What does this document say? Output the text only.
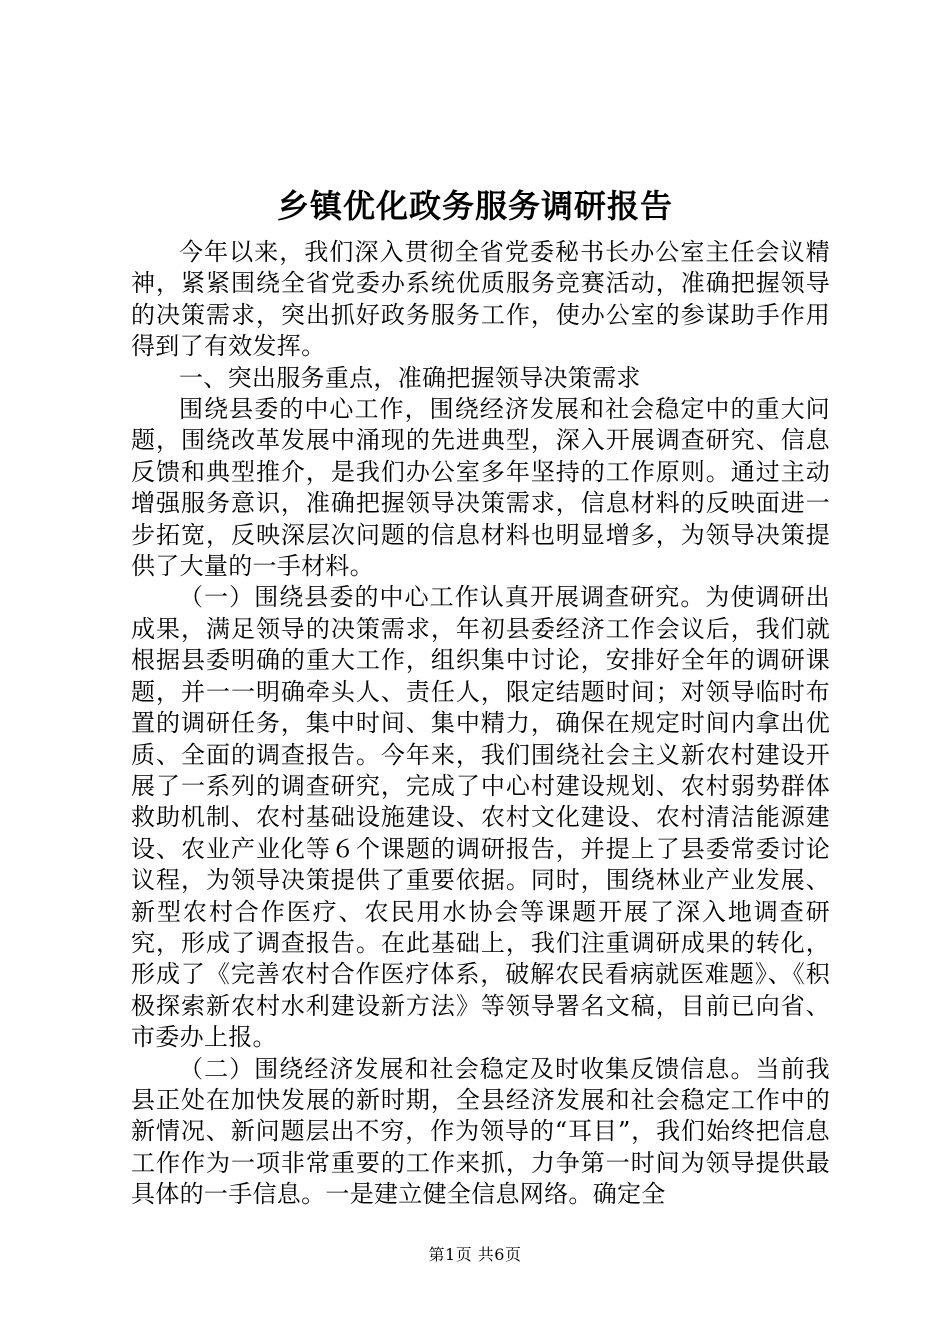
乡镇优化政务服务调研报告

今年以来，我们深入贯彻全省党委秘书长办公室主任会议精神，紧紧围绕全省党委办系统优质服务竞赛活动，准确把握领导的决策需求，突出抓好政务服务工作，使办公室的参谋助手作用得到了有效发挥。

一、突出服务重点，准确把握领导决策需求

围绕县委的中心工作，围绕经济发展和社会稳定中的重大问题，围绕改革发展中涌现的先进典型，深入开展调查研究、信息反馈和典型推介，是我们办公室多年坚持的工作原则。通过主动增强服务意识，准确把握领导决策需求，信息材料的反映面进一步拓宽，反映深层次问题的信息材料也明显增多，为领导决策提供了大量的一手材料。

（一）围绕县委的中心工作认真开展调查研究。为使调研出成果，满足领导的决策需求，年初县委经济工作会议后，我们就根据县委明确的重大工作，组织集中讨论，安排好全年的调研课题，并一一明确牵头人、责任人，限定结题时间；对领导临时布置的调研任务，集中时间、集中精力，确保在规定时间内拿出优质、全面的调查报告。今年来，我们围绕社会主义新农村建设开展了一系列的调查研究，完成了中心村建设规划、农村弱势群体救助机制、农村基础设施建设、农村文化建设、农村清洁能源建设、农业产业化等６个课题的调研报告，并提上了县委常委讨论议程，为领导决策提供了重要依据。同时，围绕林业产业发展、新型农村合作医疗、农民用水协会等课题开展了深入地调查研究，形成了调查报告。在此基础上，我们注重调研成果的转化，形成了《完善农村合作医疗体系，破解农民看病就医难题》、《积极探索新农村水利建设新方法》等领导署名文稿，目前已向省、市委办上报。

（二）围绕经济发展和社会稳定及时收集反馈信息。当前我县正处在加快发展的新时期，全县经济发展和社会稳定工作中的新情况、新问题层出不穷，作为领导的“耳目”，我们始终把信息工作作为一项非常重要的工作来抓，力争第一时间为领导提供最具体的一手信息。一是建立健全信息网络。确定全

第1页 共6页
